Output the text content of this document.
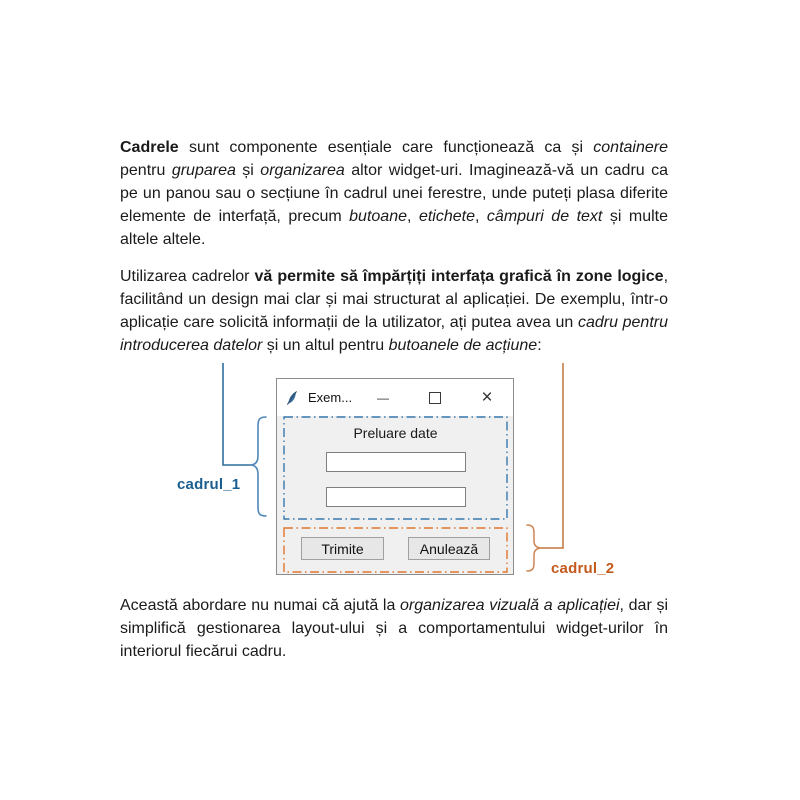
Cadrele sunt componente esențiale care funcționează ca și containere pentru gruparea și organizarea altor widget-uri. Imaginează-vă un cadru ca pe un panou sau o secțiune în cadrul unei ferestre, unde puteți plasa diferite elemente de interfață, precum butoane, etichete, câmpuri de text și multe altele altele.

Utilizarea cadrelor vă permite să împărțiți interfața grafică în zone logice, facilitând un design mai clar și mai structurat al aplicației. De exemplu, într-o aplicație care solicită informații de la utilizator, ați putea avea un cadru pentru introducerea datelor și un altul pentru butoanele de acțiune:

Această abordare nu numai că ajută la organizarea vizuală a aplicației, dar și simplifică gestionarea layout-ului și a comportamentului widget-urilor în interiorul fiecărui cadru.

cadrul_1
cadrul_2
Exem...	—	×
Preluare date
Trimite	Anulează
